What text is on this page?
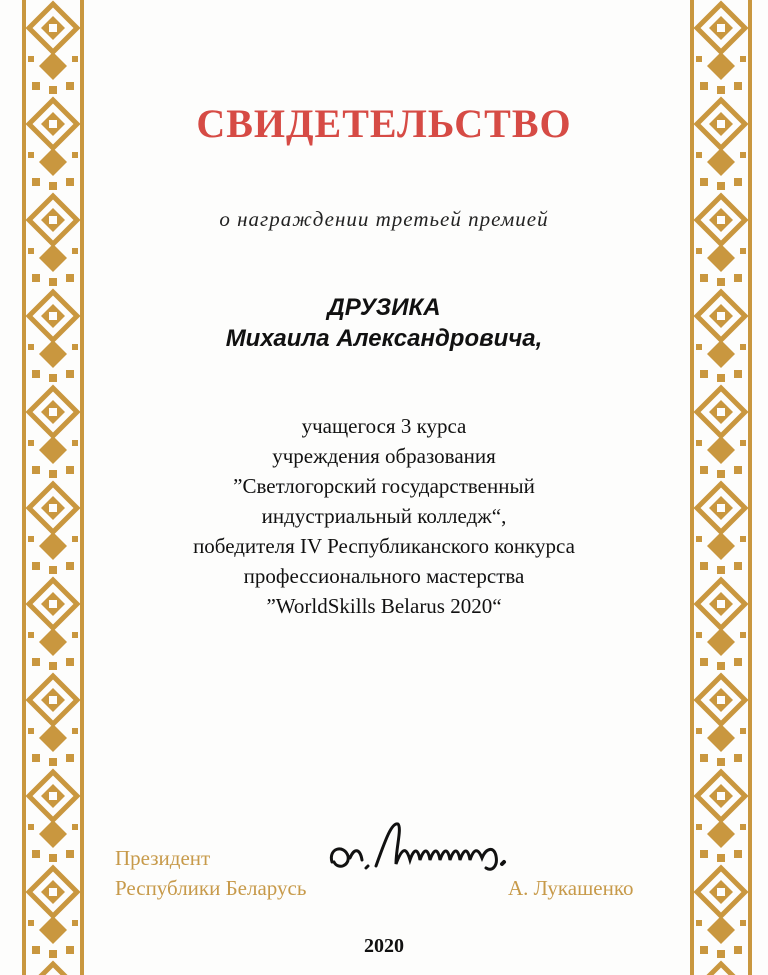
СВИДЕТЕЛЬСТВО
о награждении третьей премией
ДРУЗИКА
Михаила Александровича,
учащегося 3 курса
учреждения образования
”Светлогорский государственный
индустриальный колледж“,
победителя IV Республиканского конкурса
профессионального мастерства
”WorldSkills Belarus 2020“
Президент
Республики Беларусь	А. Лукашенко
2020
